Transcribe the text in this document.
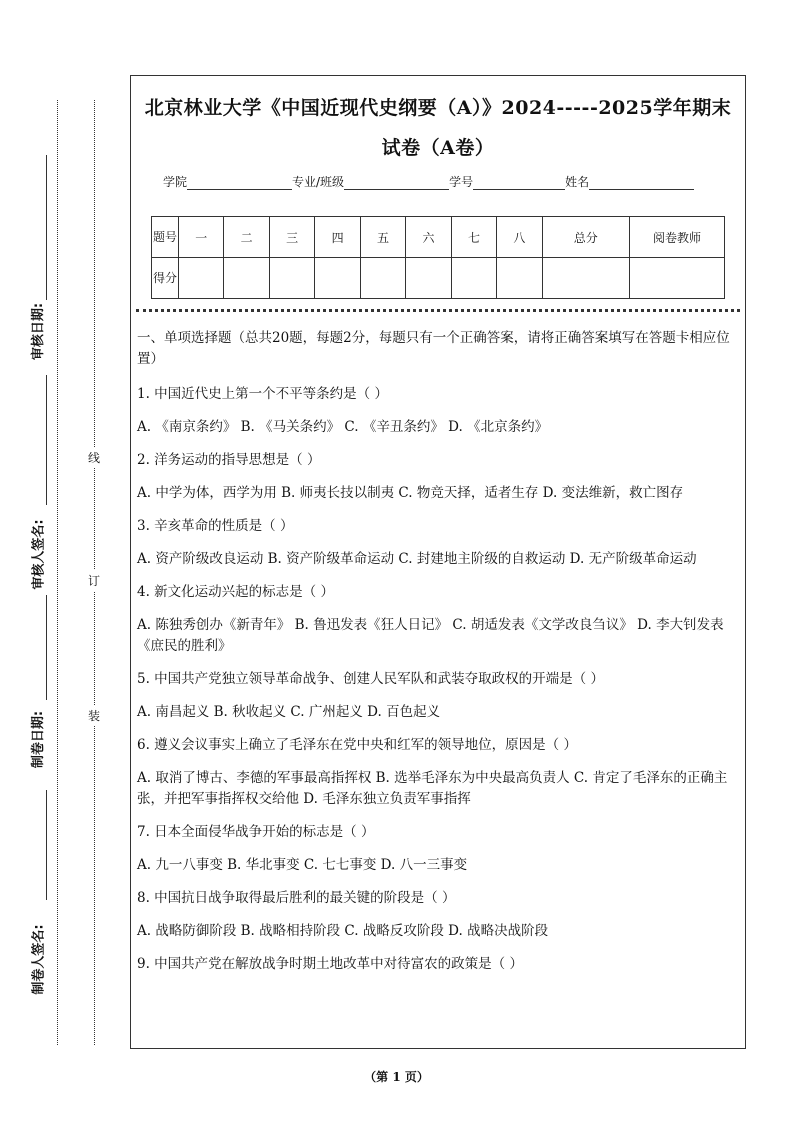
审核日期:
审核人签名:
制卷日期:
制卷人签名:
线
订
装
北京林业大学《中国近现代史纲要（A）》2024-----2025学年期末
试卷（A卷）
学院	专业/班级	学号	姓名
题号	一	二	三	四	五	六	七	八	总分	阅卷教师
得分										

一、单项选择题（总共20题，每题2分，每题只有一个正确答案，请将正确答案填写在答题卡相应位置）

1. 中国近代史上第一个不平等条约是（ ）

A. 《南京条约》 B. 《马关条约》 C. 《辛丑条约》 D. 《北京条约》

2. 洋务运动的指导思想是（ ）

A. 中学为体，西学为用 B. 师夷长技以制夷 C. 物竞天择，适者生存 D. 变法维新，救亡图存

3. 辛亥革命的性质是（ ）

A. 资产阶级改良运动 B. 资产阶级革命运动 C. 封建地主阶级的自救运动 D. 无产阶级革命运动

4. 新文化运动兴起的标志是（ ）

A. 陈独秀创办《新青年》 B. 鲁迅发表《狂人日记》 C. 胡适发表《文学改良刍议》 D. 李大钊发表《庶民的胜利》

5. 中国共产党独立领导革命战争、创建人民军队和武装夺取政权的开端是（ ）

A. 南昌起义 B. 秋收起义 C. 广州起义 D. 百色起义

6. 遵义会议事实上确立了毛泽东在党中央和红军的领导地位，原因是（ ）

A. 取消了博古、李德的军事最高指挥权 B. 选举毛泽东为中央最高负责人 C. 肯定了毛泽东的正确主张，并把军事指挥权交给他 D. 毛泽东独立负责军事指挥

7. 日本全面侵华战争开始的标志是（ ）

A. 九一八事变 B. 华北事变 C. 七七事变 D. 八一三事变

8. 中国抗日战争取得最后胜利的最关键的阶段是（ ）

A. 战略防御阶段 B. 战略相持阶段 C. 战略反攻阶段 D. 战略决战阶段

9. 中国共产党在解放战争时期土地改革中对待富农的政策是（ ）

（第 1 页）
